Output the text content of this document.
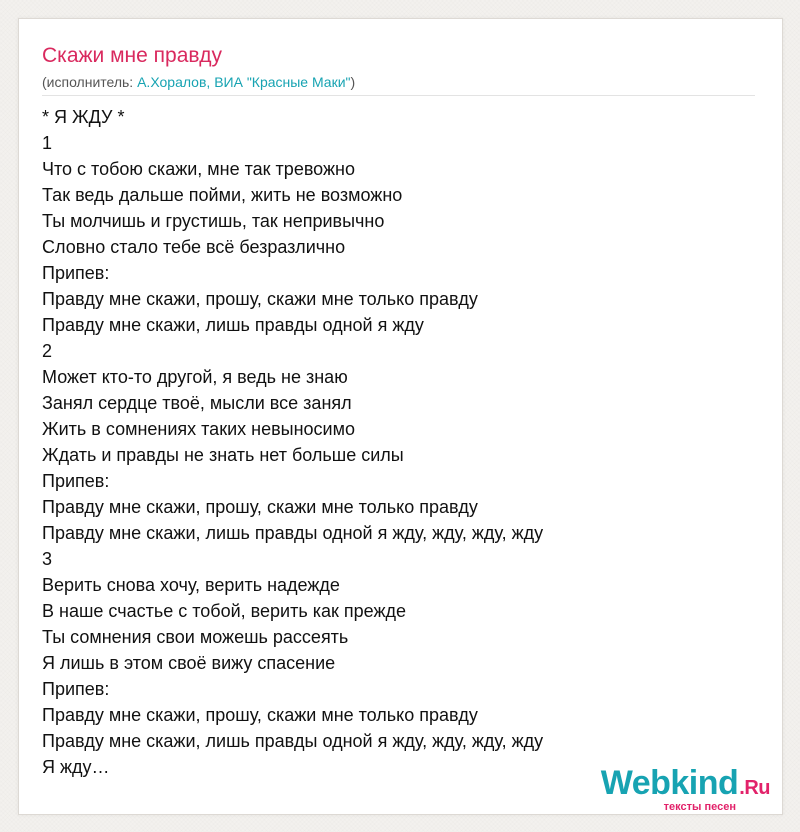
Скажи мне правду
(исполнитель: А.Хоралов, ВИА "Красные Маки")
* Я ЖДУ *
1
Что с тобою скажи, мне так тревожно
Так ведь дальше пойми, жить не возможно
Ты молчишь и грустишь, так непривычно
Словно стало тебе всё безразлично
Припев:
Правду мне скажи, прошу, скажи мне только правду
Правду мне скажи, лишь правды одной я жду
2
Может кто-то другой, я ведь не знаю
Занял сердце твоё, мысли все занял
Жить в сомнениях таких невыносимо
Ждать и правды не знать нет больше силы
Припев:
Правду мне скажи, прошу, скажи мне только правду
Правду мне скажи, лишь правды одной я жду, жду, жду, жду
3
Верить снова хочу, верить надежде
В наше счастье с тобой, верить как прежде
Ты сомнения свои можешь рассеять
Я лишь в этом своё вижу спасение
Припев:
Правду мне скажи, прошу, скажи мне только правду
Правду мне скажи, лишь правды одной я жду, жду, жду, жду
Я жду…	Webkind.Ru
тексты песен
